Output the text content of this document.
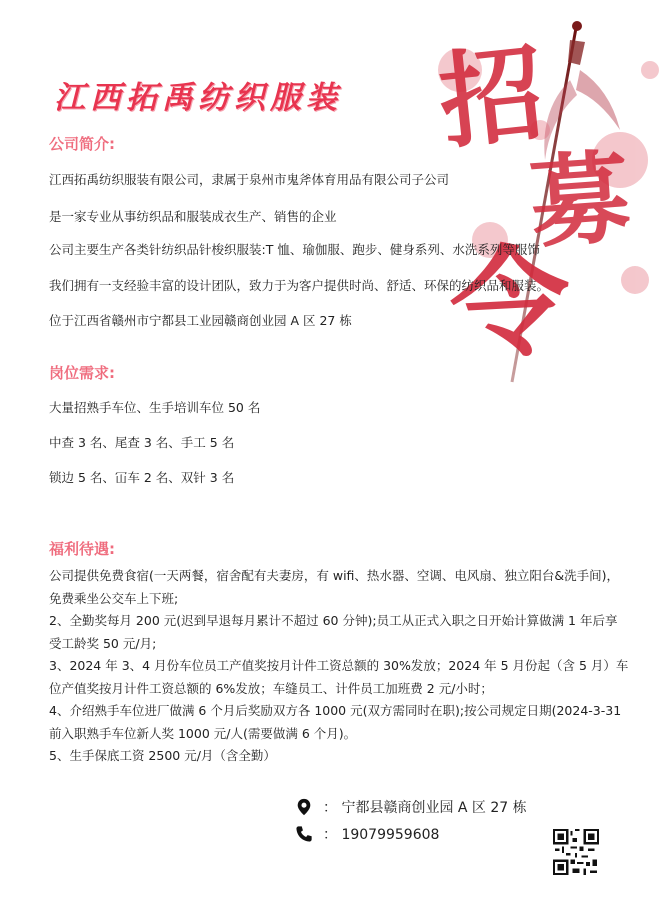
江西拓禹纺织服装 招
募
令
公司简介:
江西拓禹纺织服装有限公司，隶属于泉州市鬼斧体育用品有限公司子公司
是一家专业从事纺织品和服装成衣生产、销售的企业
公司主要生产各类针纺织品针梭织服装:T 恤、瑜伽服、跑步、健身系列、水洗系列等服饰
我们拥有一支经验丰富的设计团队，致力于为客户提供时尚、舒适、环保的纺织品和服装。
位于江西省赣州市宁都县工业园赣商创业园 A 区 27 栋
岗位需求:
大量招熟手车位、生手培训车位 50 名
中查 3 名、尾查 3 名、手工 5 名
锁边 5 名、冚车 2 名、双针 3 名
福利待遇:
公司提供免费食宿(一天两餐，宿舍配有夫妻房，有 wifi、热水器、空调、电风扇、独立阳台&洗手间)，免费乘坐公交车上下班;
2、全勤奖每月 200 元(迟到早退每月累计不超过 60 分钟);员工从正式入职之日开始计算做满 1 年后享受工龄奖 50 元/月;
3、2024 年 3、4 月份车位员工产值奖按月计件工资总额的 30%发放；2024 年 5 月份起（含 5 月）车位产值奖按月计件工资总额的 6%发放；车缝员工、计件员工加班费 2 元/小时；
4、介绍熟手车位进厂做满 6 个月后奖励双方各 1000 元(双方需同时在职);按公司规定日期(2024-3-31 前入职熟手车位新人奖 1000 元/人(需要做满 6 个月)。
5、生手保底工资 2500 元/月（含全勤）
： 宁都县赣商创业园 A 区 27 栋
： 19079959608
